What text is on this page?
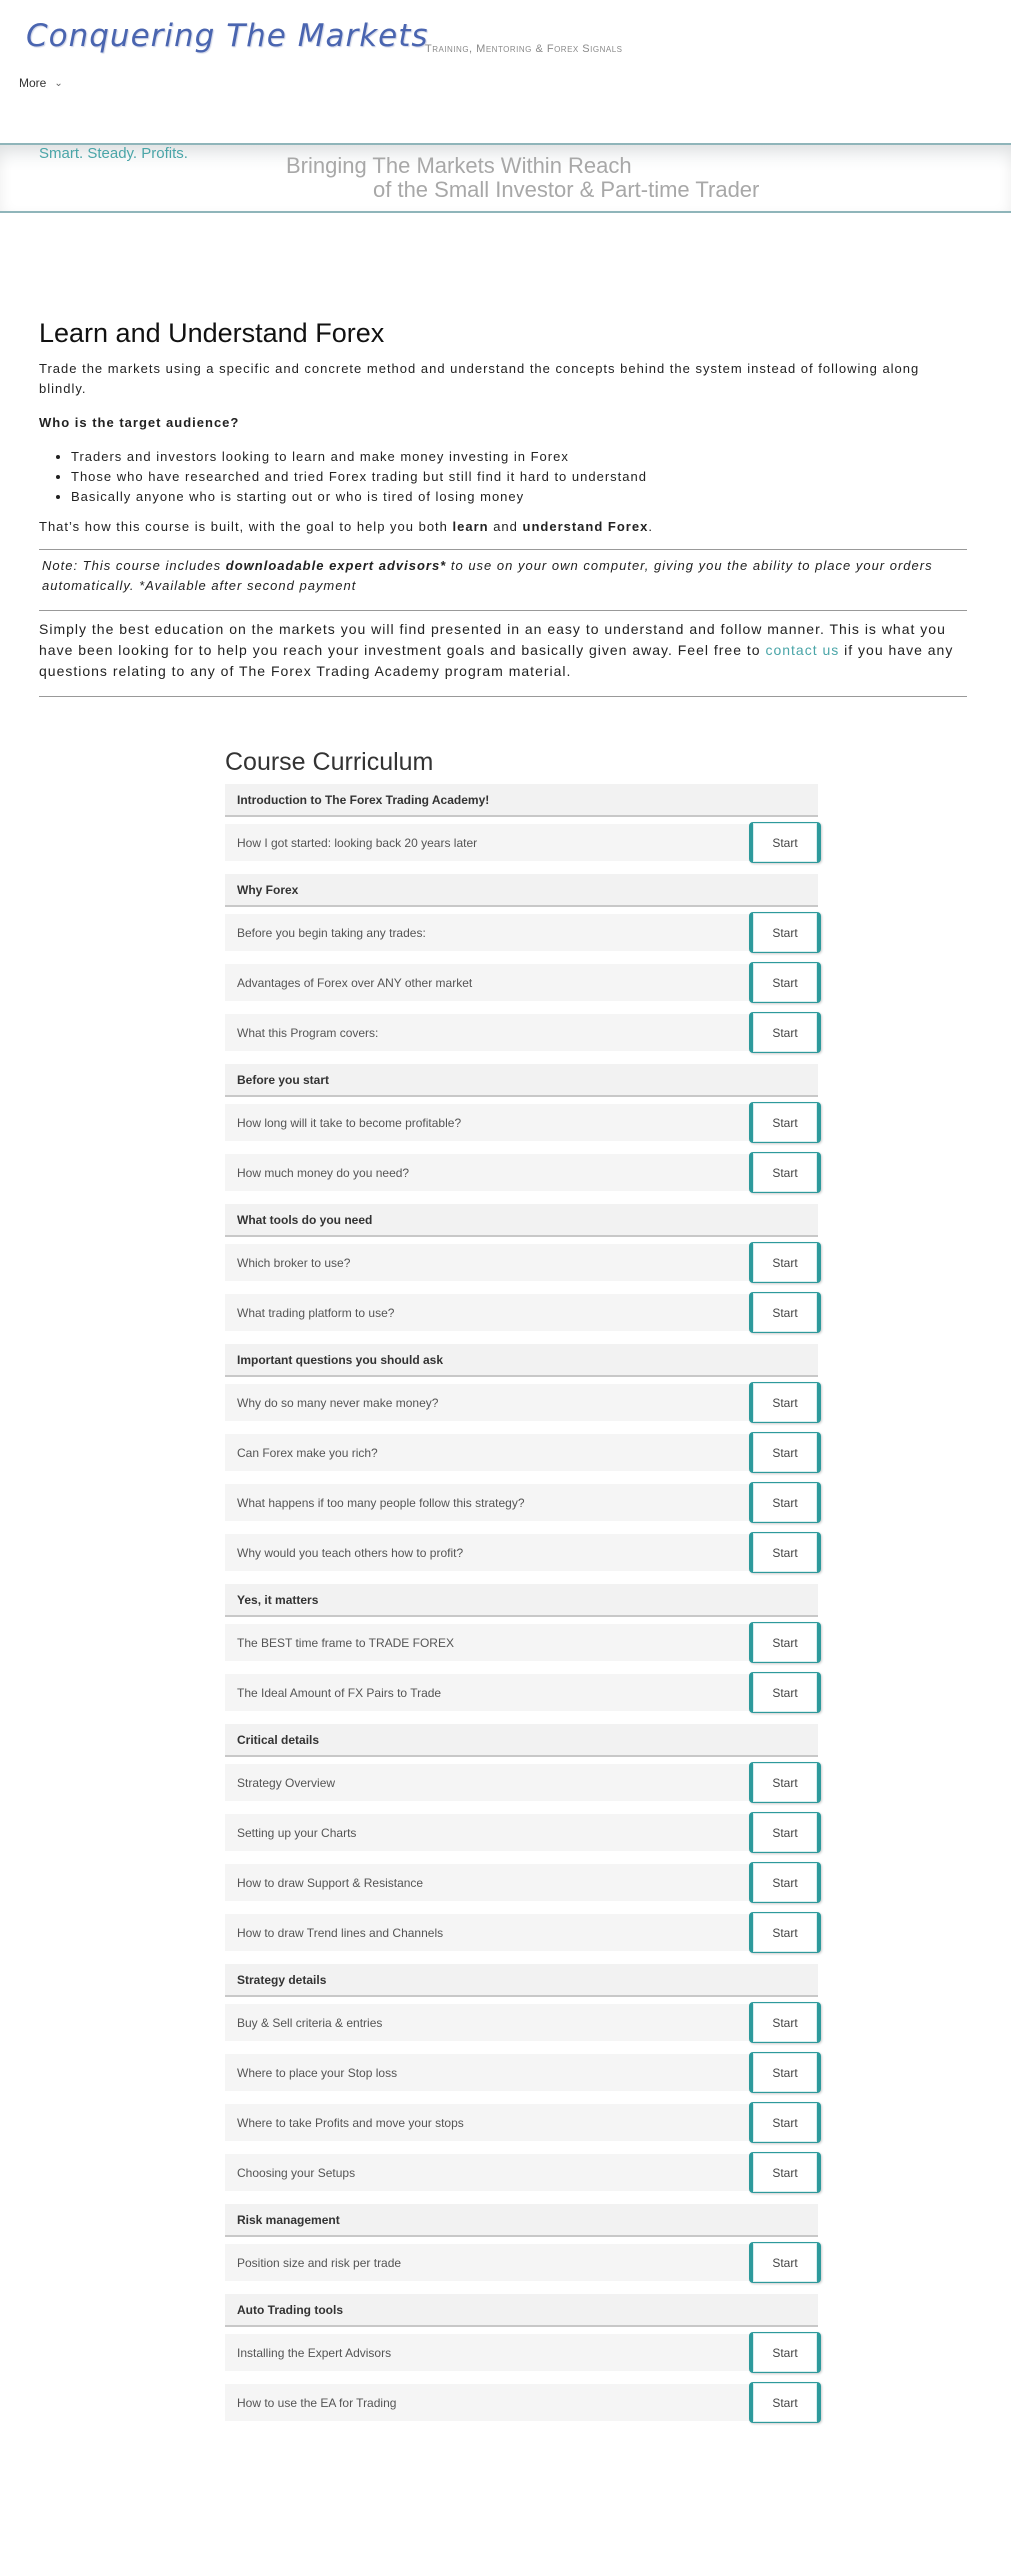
Conquering The Markets
Training, Mentoring & Forex Signals
More ⌄
Smart. Steady. Profits.	Bringing The Markets Within Reach
of the Small Investor & Part-time Trader
Learn and Understand Forex

Trade the markets using a specific and concrete method and understand the concepts behind the system instead of following along blindly.

Who is the target audience?

• Traders and investors looking to learn and make money investing in Forex
• Those who have researched and tried Forex trading but still find it hard to understand
• Basically anyone who is starting out or who is tired of losing money

That’s how this course is built, with the goal to help you both learn and understand Forex.

Note: This course includes downloadable expert advisors* to use on your own computer, giving you the ability to place your orders automatically. *Available after second payment

Simply the best education on the markets you will find presented in an easy to understand and follow manner. This is what you have been looking for to help you reach your investment goals and basically given away. Feel free to contact us if you have any questions relating to any of The Forex Trading Academy program material.

Course Curriculum
Introduction to The Forex Trading Academy!
How I got started: looking back 20 years later	Start
Why Forex
Before you begin taking any trades:	Start
Advantages of Forex over ANY other market	Start
What this Program covers:	Start
Before you start
How long will it take to become profitable?	Start
How much money do you need?	Start
What tools do you need
Which broker to use?	Start
What trading platform to use?	Start
Important questions you should ask
Why do so many never make money?	Start
Can Forex make you rich?	Start
What happens if too many people follow this strategy?	Start
Why would you teach others how to profit?	Start
Yes, it matters
The BEST time frame to TRADE FOREX	Start
The Ideal Amount of FX Pairs to Trade	Start
Critical details
Strategy Overview	Start
Setting up your Charts	Start
How to draw Support & Resistance	Start
How to draw Trend lines and Channels	Start
Strategy details
Buy & Sell criteria & entries	Start
Where to place your Stop loss	Start
Where to take Profits and move your stops	Start
Choosing your Setups	Start
Risk management
Position size and risk per trade	Start
Auto Trading tools
Installing the Expert Advisors	Start
How to use the EA for Trading	Start
